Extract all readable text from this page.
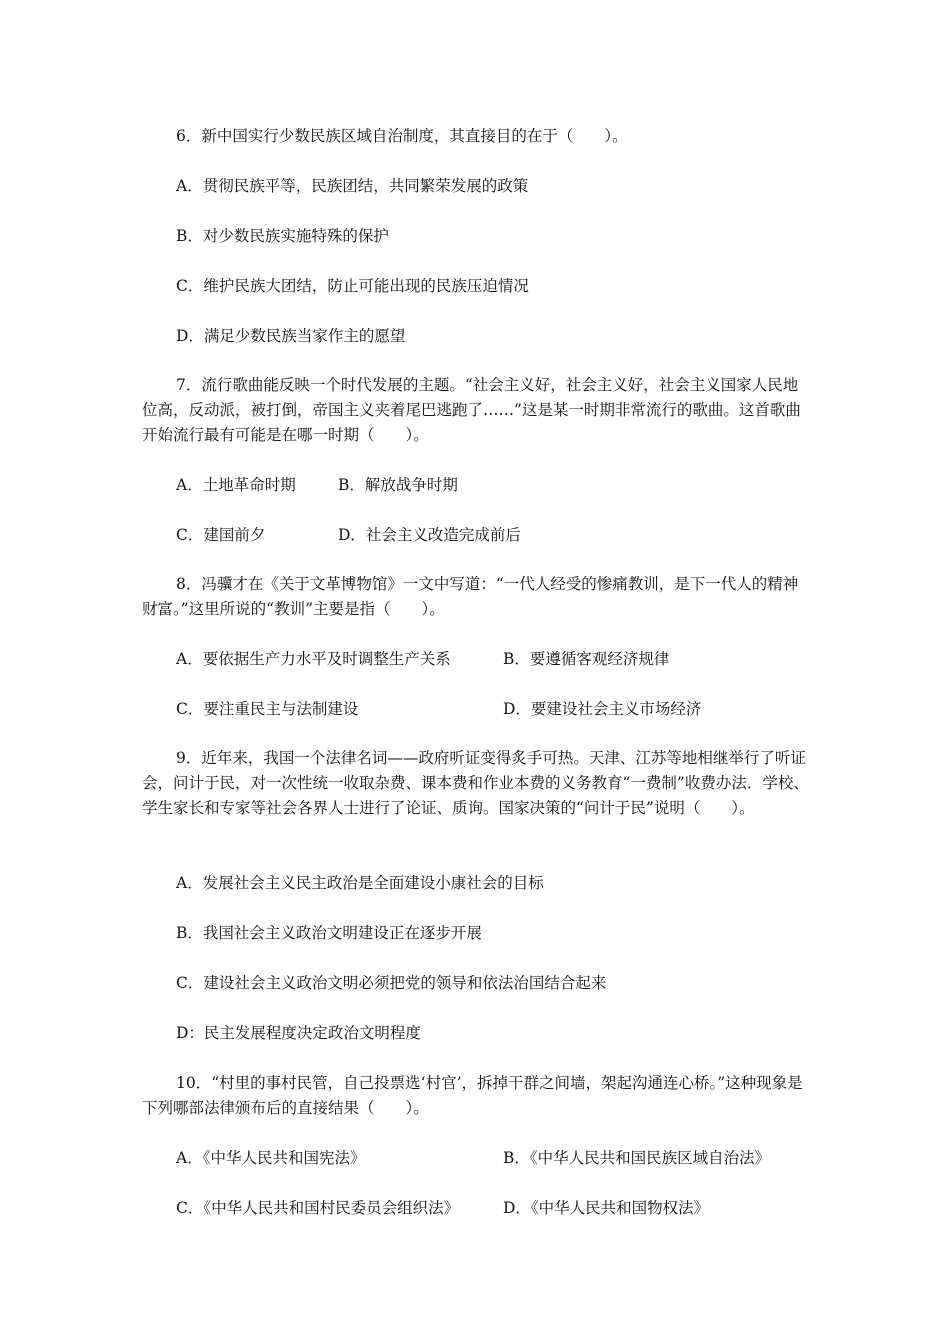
6．新中国实行少数民族区域自治制度，其直接目的在于（　　）。
A．贯彻民族平等，民族团结，共同繁荣发展的政策
B．对少数民族实施特殊的保护
C．维护民族大团结，防止可能出现的民族压迫情况
D．满足少数民族当家作主的愿望
7．流行歌曲能反映一个时代发展的主题。“社会主义好，社会主义好，社会主义国家人民地位高，反动派，被打倒，帝国主义夹着尾巴逃跑了……”这是某一时期非常流行的歌曲。这首歌曲开始流行最有可能是在哪一时期（　　）。
A．土地革命时期	B．解放战争时期
C．建国前夕	D．社会主义改造完成前后
8．冯骥才在《关于文革博物馆》一文中写道：“一代人经受的惨痛教训，是下一代人的精神财富。”这里所说的“教训”主要是指（　　）。
A．要依据生产力水平及时调整生产关系	B．要遵循客观经济规律
C．要注重民主与法制建设	D．要建设社会主义市场经济
9．近年来，我国一个法律名词——政府听证变得炙手可热。天津、江苏等地相继举行了听证会，问计于民，对一次性统一收取杂费、课本费和作业本费的义务教育“一费制”收费办法．学校、学生家长和专家等社会各界人士进行了论证、质询。国家决策的“问计于民”说明（　　）。
A．发展社会主义民主政治是全面建设小康社会的目标
B．我国社会主义政治文明建设正在逐步开展
C．建设社会主义政治文明必须把党的领导和依法治国结合起来
D：民主发展程度决定政治文明程度
10．“村里的事村民管，自己投票选‘村官’，拆掉干群之间墙，架起沟通连心桥。”这种现象是下列哪部法律颁布后的直接结果（　　）。
A．《中华人民共和国宪法》	B．《中华人民共和国民族区域自治法》
C．《中华人民共和国村民委员会组织法》	D．《中华人民共和国物权法》
